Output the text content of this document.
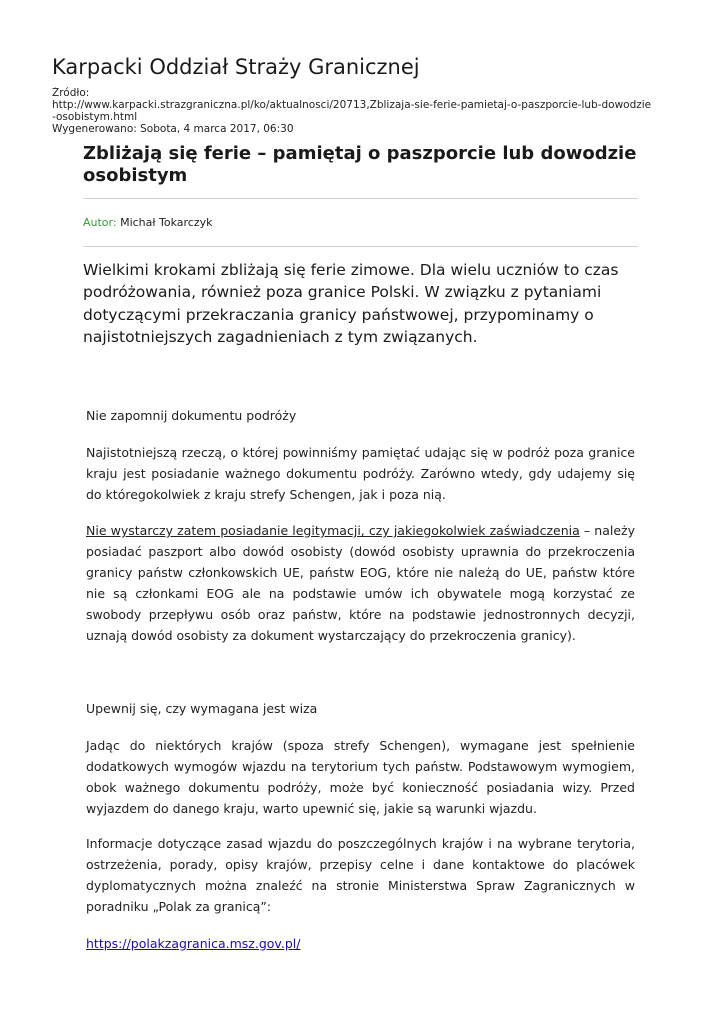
Karpacki Oddział Straży Granicznej
Źródło:
http://www.karpacki.strazgraniczna.pl/ko/aktualnosci/20713,Zblizaja-sie-ferie-pamietaj-o-paszporcie-lub-dowodzie
-osobistym.html
Wygenerowano: Sobota, 4 marca 2017, 06:30
Zbliżają się ferie – pamiętaj o paszporcie lub dowodzie osobistym
Autor: Michał Tokarczyk

Wielkimi krokami zbliżają się ferie zimowe. Dla wielu uczniów to czas podróżowania, również poza granice Polski. W związku z pytaniami dotyczącymi przekraczania granicy państwowej, przypominamy o najistotniejszych zagadnieniach z tym związanych.

Nie zapomnij dokumentu podróży

Najistotniejszą rzeczą, o której powinniśmy pamiętać udając się w podróż poza granice kraju jest posiadanie ważnego dokumentu podróży. Zarówno wtedy, gdy udajemy się do któregokolwiek z kraju strefy Schengen, jak i poza nią.

Nie wystarczy zatem posiadanie legitymacji, czy jakiegokolwiek zaświadczenia – należy posiadać paszport albo dowód osobisty (dowód osobisty uprawnia do przekroczenia granicy państw członkowskich UE, państw EOG, które nie należą do UE, państw które nie są członkami EOG ale na podstawie umów ich obywatele mogą korzystać ze swobody przepływu osób oraz państw, które na podstawie jednostronnych decyzji, uznają dowód osobisty za dokument wystarczający do przekroczenia granicy).

Upewnij się, czy wymagana jest wiza

Jadąc do niektórych krajów (spoza strefy Schengen), wymagane jest spełnienie dodatkowych wymogów wjazdu na terytorium tych państw. Podstawowym wymogiem, obok ważnego dokumentu podróży, może być konieczność posiadania wizy. Przed wyjazdem do danego kraju, warto upewnić się, jakie są warunki wjazdu.

Informacje dotyczące zasad wjazdu do poszczególnych krajów i na wybrane terytoria, ostrzeżenia, porady, opisy krajów, przepisy celne i dane kontaktowe do placówek dyplomatycznych można znaleźć na stronie Ministerstwa Spraw Zagranicznych w poradniku „Polak za granicą”:

https://polakzagranica.msz.gov.pl/
